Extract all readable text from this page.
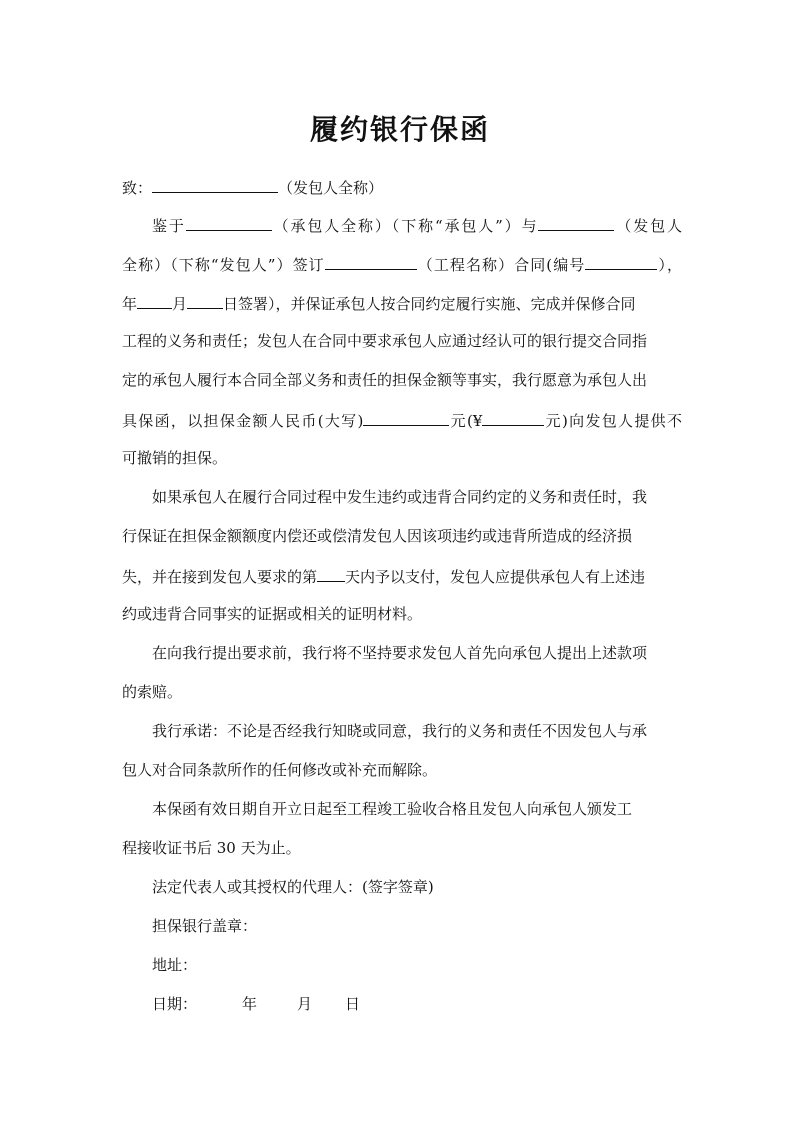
履约银行保函
致：	（发包人全称）
鉴于	（承包人全称）（下称“承包人”）与	（发包人
全称）（下称“发包人”）签订	（工程名称）合同(编号	），
年 月 日签署），并保证承包人按合同约定履行实施、完成并保修合同
工程的义务和责任；发包人在合同中要求承包人应通过经认可的银行提交合同指
定的承包人履行本合同全部义务和责任的担保金额等事实，我行愿意为承包人出
具保函，以担保金额人民币(大写)	元(¥	元)向发包人提供不
可撤销的担保。
如果承包人在履行合同过程中发生违约或违背合同约定的义务和责任时，我
行保证在担保金额额度内偿还或偿清发包人因该项违约或违背所造成的经济损
失，并在接到发包人要求的第 天内予以支付，发包人应提供承包人有上述违
约或违背合同事实的证据或相关的证明材料。
在向我行提出要求前，我行将不坚持要求发包人首先向承包人提出上述款项
的索赔。
我行承诺：不论是否经我行知晓或同意，我行的义务和责任不因发包人与承
包人对合同条款所作的任何修改或补充而解除。
本保函有效日期自开立日起至工程竣工验收合格且发包人向承包人颁发工
程接收证书后 30 天为止。
法定代表人或其授权的代理人：(签字签章)
担保银行盖章：
地址：
日期：	年	月 日
